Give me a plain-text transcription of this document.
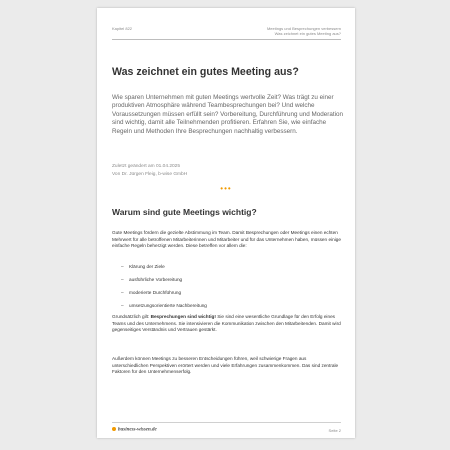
Kapitel 822	Meetings und Besprechungen verbessern
Was zeichnet ein gutes Meeting aus?
Was zeichnet ein gutes Meeting aus?
Wie sparen Unternehmen mit guten Meetings wertvolle Zeit? Was trägt zu einer produktiven Atmosphäre während Teambesprechungen bei? Und welche Voraussetzungen müssen erfüllt sein? Vorbereitung, Durchführung und Moderation sind wichtig, damit alle Teilnehmenden profitieren. Erfahren Sie, wie einfache Regeln und Methoden Ihre Besprechungen nachhaltig verbessern.
Zuletzt geändert am 01.04.2025
Von Dr. Jürgen Fleig, b-wise GmbH
•••
Warum sind gute Meetings wichtig?
Gute Meetings fördern die gezielte Abstimmung im Team. Damit Besprechungen oder Meetings einen echten Mehrwert für alle betroffenen Mitarbeiterinnen und Mitarbeiter und für das Unternehmen haben, müssen einige einfache Regeln beherzigt werden. Diese betreffen vor allem die:
– Klärung der Ziele
– ausführliche Vorbereitung
– moderierte Durchführung
– umsetzungsorientierte Nachbereitung
Grundsätzlich gilt: Besprechungen sind wichtig! Sie sind eine wesentliche Grundlage für den Erfolg eines Teams und des Unternehmens. Sie intensivieren die Kommunikation zwischen den Mitarbeitenden. Damit wird gegenseitiges Verständnis und Vertrauen gestärkt.
Außerdem können Meetings zu besseren Entscheidungen führen, weil schwierige Fragen aus unterschiedlichen Perspektiven erörtert werden und viele Erfahrungen zusammenkommen. Das sind zentrale Faktoren für den Unternehmenserfolg.
business-wissen.de	Seite 2
